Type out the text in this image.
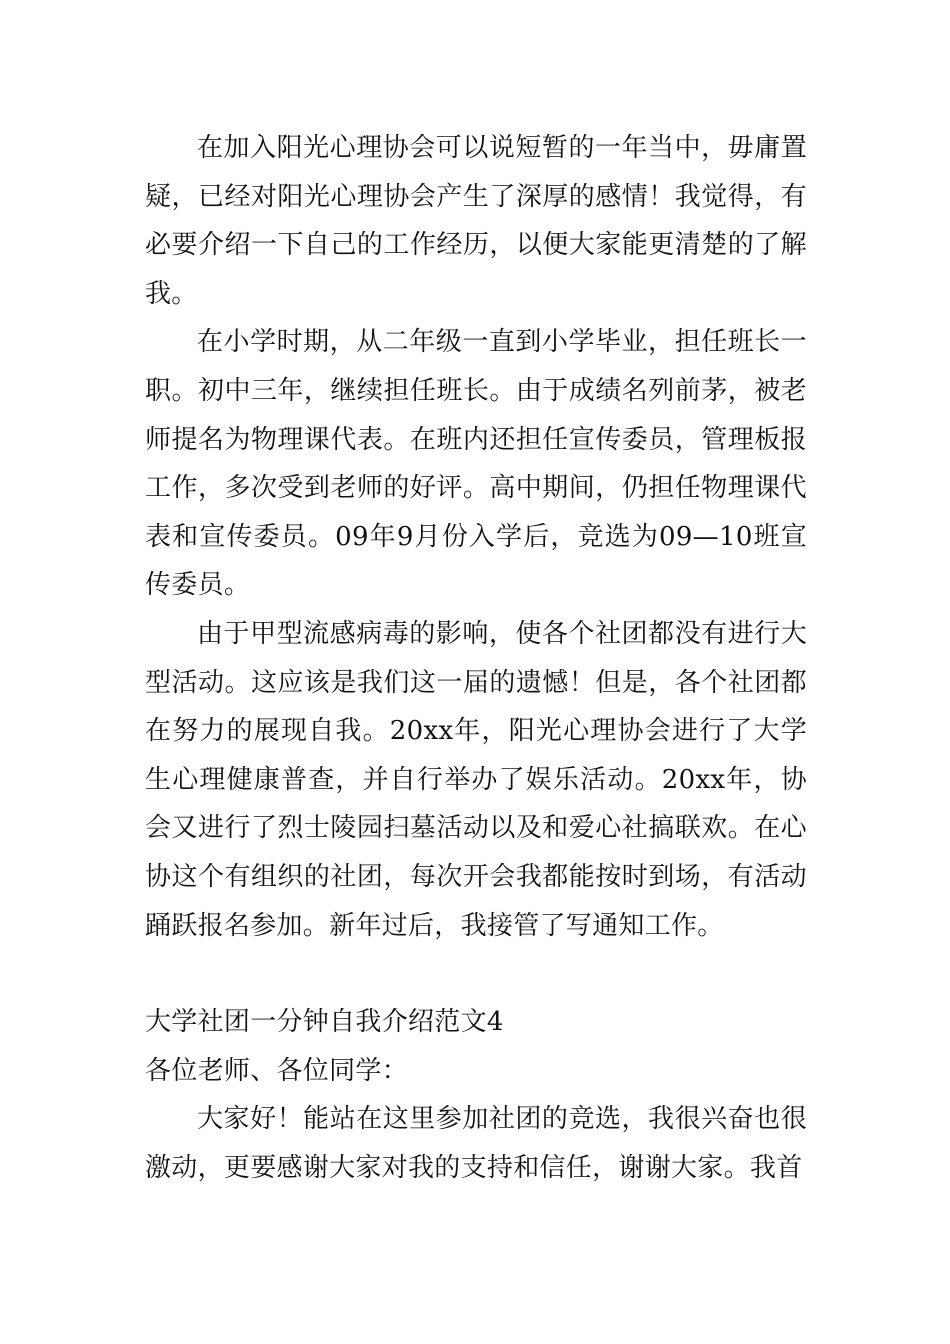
在加入阳光心理协会可以说短暂的一年当中，毋庸置疑，已经对阳光心理协会产生了深厚的感情！我觉得，有必要介绍一下自己的工作经历，以便大家能更清楚的了解我。

在小学时期，从二年级一直到小学毕业，担任班长一职。初中三年，继续担任班长。由于成绩名列前茅，被老师提名为物理课代表。在班内还担任宣传委员，管理板报工作，多次受到老师的好评。高中期间，仍担任物理课代表和宣传委员。09年9月份入学后，竞选为09—10班宣传委员。

由于甲型流感病毒的影响，使各个社团都没有进行大型活动。这应该是我们这一届的遗憾！但是，各个社团都在努力的展现自我。20xx年，阳光心理协会进行了大学生心理健康普查，并自行举办了娱乐活动。20xx年，协会又进行了烈士陵园扫墓活动以及和爱心社搞联欢。在心协这个有组织的社团，每次开会我都能按时到场，有活动踊跃报名参加。新年过后，我接管了写通知工作。

大学社团一分钟自我介绍范文4

各位老师、各位同学：

大家好！能站在这里参加社团的竞选，我很兴奋也很激动，更要感谢大家对我的支持和信任，谢谢大家。我首
